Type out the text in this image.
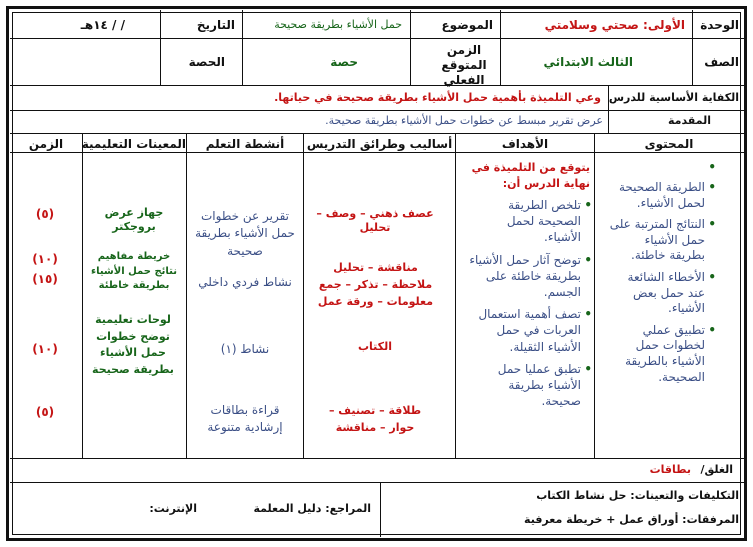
الوحدة
الأولى: صحتي وسلامتي
الموضوع
حمل الأشياء بطريقة صحيحة
التاريخ
/ / ١٤هـ
الصف
الثالث الابتدائي
الزمن المتوقع الفعلي
حصة
الحصة
الكفاية الأساسية للدرس
وعي التلميذة بأهمية حمل الأشياء بطريقة صحيحة في حياتها.
المقدمة
عرض تقرير مبسط عن خطوات حمل الأشياء بطريقة صحيحة.
المحتوى
الأهداف
أساليب وطرائق التدريس
أنشطة التعلم
المعينات التعليمية
الزمن
•
• الطريقة الصحيحة لحمل الأشياء.
• النتائج المترتبة على حمل الأشياء بطريقة خاطئة.
• الأخطاء الشائعة عند حمل بعض الأشياء.
• تطبيق عملي لخطوات حمل الأشياء بالطريقة الصحيحة.
يتوقع من التلميذة في نهاية الدرس أن:
• تلخص الطريقة الصحيحة لحمل الأشياء.
• توضح آثار حمل الأشياء بطريقة خاطئة على الجسم.
• تصف أهمية استعمال العربات في حمل الأشياء الثقيلة.
• تطبق عمليا حمل الأشياء بطريقة صحيحة.
عصف ذهني – وصف – تحليل
مناقشة – تحليل ملاحظة – تذكر – جمع معلومات – ورقة عمل
الكتاب
طلاقة – تصنيف – حوار – مناقشة
تقرير عن خطوات حمل الأشياء بطريقة صحيحة
نشاط فردي داخلي
نشاط (١)
قراءة بطاقات إرشادية متنوعة
جهاز عرض بروجكتر
خريطة مفاهيم نتائج حمل الأشياء بطريقة خاطئة
لوحات تعليمية توضح خطوات حمل الأشياء بطريقة صحيحة
(٥)
(١٠)
(١٥)
(١٠)
(٥)
الغلق/
بطاقات
التكليفات والتعينات: حل نشاط الكتاب
المرفقات: أوراق عمل + خريطة معرفية
المراجع: دليل المعلمة
الإنترنت:
